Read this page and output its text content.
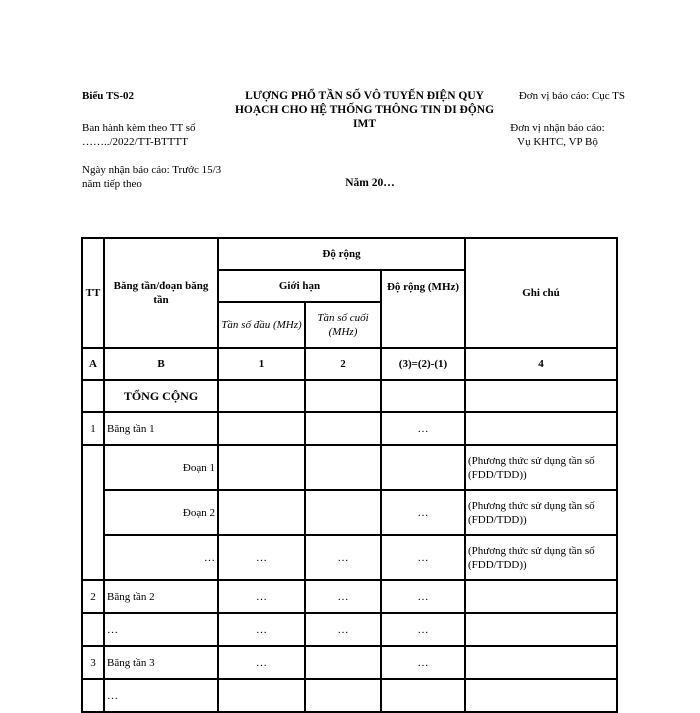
Biểu TS-02
Ban hành kèm theo TT số
……../2022/TT-BTTTT
Ngày nhận báo cáo: Trước 15/3
năm tiếp theo
LƯỢNG PHỔ TẦN SỐ VÔ TUYẾN ĐIỆN QUY
HOẠCH CHO HỆ THỐNG THÔNG TIN DI ĐỘNG
IMT
Năm 20…
Đơn vị báo cáo: Cục TS
Đơn vị nhận báo cáo:
Vụ KHTC, VP Bộ
TT	Băng tần/đoạn băng tần	Độ rộng			Ghi chú
		Giới hạn		Độ rộng (MHz)	
		Tần số đầu (MHz)	Tần số cuối (MHz)		
A	B	1	2	(3)=(2)-(1)	4
	TỔNG CỘNG				
1	Băng tần 1			…	
	Đoạn 1				(Phương thức sử dụng tần số (FDD/TDD))
	Đoạn 2			…	(Phương thức sử dụng tần số (FDD/TDD))
	…	…	…	…	(Phương thức sử dụng tần số (FDD/TDD))
2	Băng tần 2	…	…	…	
	…	…	…	…	
3	Băng tần 3	…		…	
	…				
